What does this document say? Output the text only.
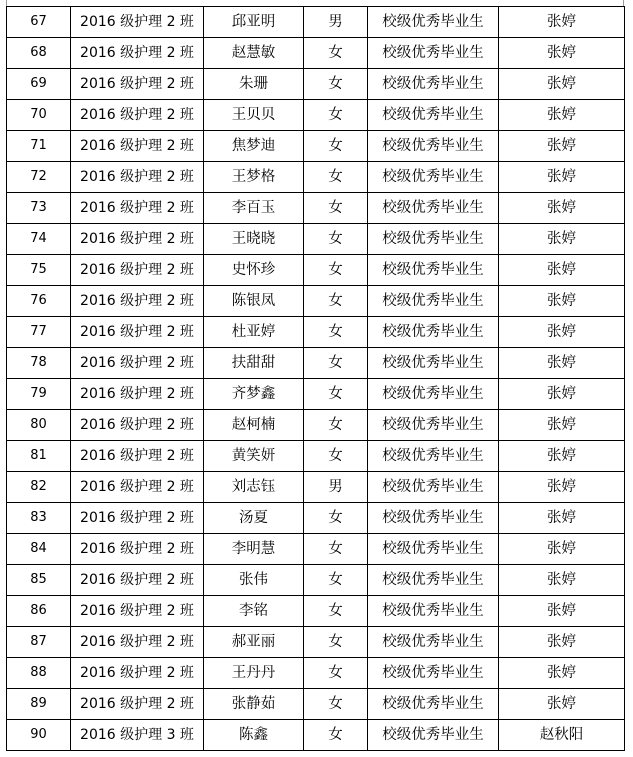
67	2016 级护理 2 班	邱亚明	男	校级优秀毕业生	张婷
68	2016 级护理 2 班	赵慧敏	女	校级优秀毕业生	张婷
69	2016 级护理 2 班	朱珊	女	校级优秀毕业生	张婷
70	2016 级护理 2 班	王贝贝	女	校级优秀毕业生	张婷
71	2016 级护理 2 班	焦梦迪	女	校级优秀毕业生	张婷
72	2016 级护理 2 班	王梦格	女	校级优秀毕业生	张婷
73	2016 级护理 2 班	李百玉	女	校级优秀毕业生	张婷
74	2016 级护理 2 班	王晓晓	女	校级优秀毕业生	张婷
75	2016 级护理 2 班	史怀珍	女	校级优秀毕业生	张婷
76	2016 级护理 2 班	陈银凤	女	校级优秀毕业生	张婷
77	2016 级护理 2 班	杜亚婷	女	校级优秀毕业生	张婷
78	2016 级护理 2 班	扶甜甜	女	校级优秀毕业生	张婷
79	2016 级护理 2 班	齐梦鑫	女	校级优秀毕业生	张婷
80	2016 级护理 2 班	赵柯楠	女	校级优秀毕业生	张婷
81	2016 级护理 2 班	黄笑妍	女	校级优秀毕业生	张婷
82	2016 级护理 2 班	刘志钰	男	校级优秀毕业生	张婷
83	2016 级护理 2 班	汤夏	女	校级优秀毕业生	张婷
84	2016 级护理 2 班	李明慧	女	校级优秀毕业生	张婷
85	2016 级护理 2 班	张伟	女	校级优秀毕业生	张婷
86	2016 级护理 2 班	李铭	女	校级优秀毕业生	张婷
87	2016 级护理 2 班	郝亚丽	女	校级优秀毕业生	张婷
88	2016 级护理 2 班	王丹丹	女	校级优秀毕业生	张婷
89	2016 级护理 2 班	张静茹	女	校级优秀毕业生	张婷
90	2016 级护理 3 班	陈鑫	女	校级优秀毕业生	赵秋阳
